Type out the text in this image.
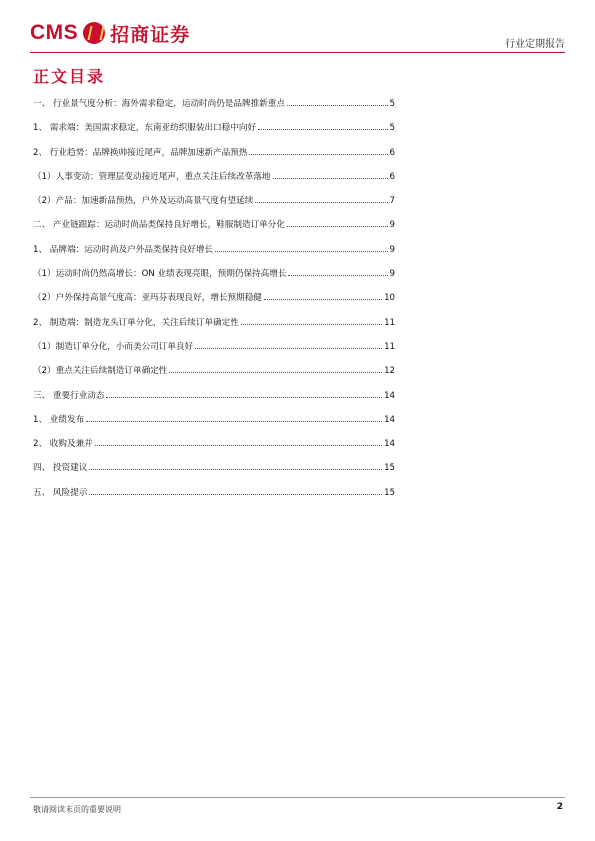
CMS 招商证券	行业定期报告
正文目录
一、 行业景气度分析：海外需求稳定，运动时尚仍是品牌推新重点	5
1、 需求端：美国需求稳定，东南亚纺织服装出口稳中向好	5
2、 行业趋势：品牌换帅接近尾声，品牌加速新产品预热	6
（1）人事变动：管理层变动接近尾声，重点关注后续改革落地	6
（2）产品：加速新品预热，户外及运动高景气度有望延续	7
二、 产业链跟踪：运动时尚品类保持良好增长，鞋服制造订单分化	9
1、 品牌端：运动时尚及户外品类保持良好增长	9
（1）运动时尚仍然高增长：ON 业绩表现亮眼，预期仍保持高增长	9
（2）户外保持高景气度高：亚玛芬表现良好，增长预期稳健	10
2、 制造端：制造龙头订单分化，关注后续订单确定性	11
（1）制造订单分化，小而美公司订单良好	11
（2）重点关注后续制造订单确定性	12
三、 重要行业动态	14
1、 业绩发布	14
2、 收购及兼并	14
四、 投资建议	15
五、 风险提示	15
敬请阅读末页的重要说明	2
